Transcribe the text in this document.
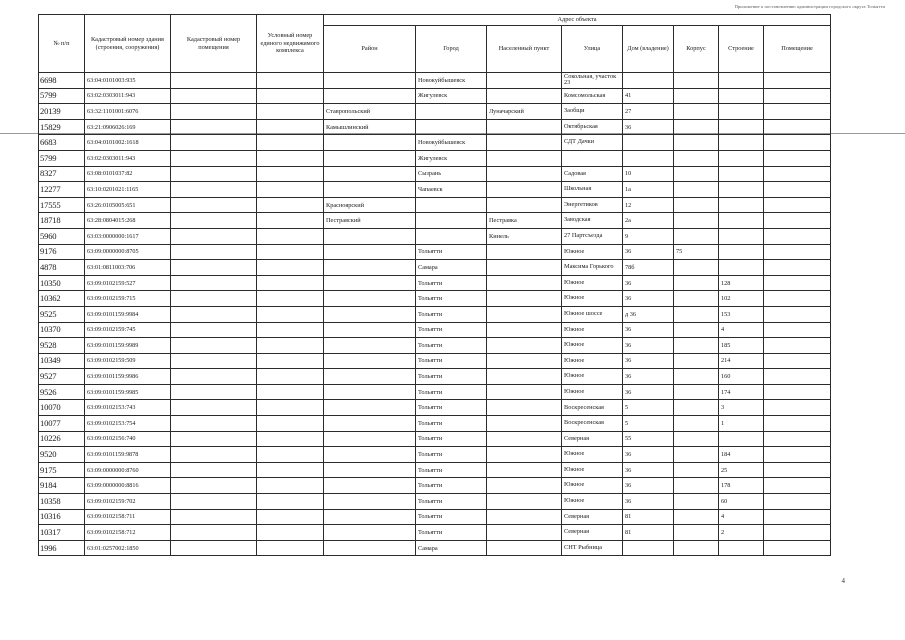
Приложение к постановлению администрации городского округа Тольятти
№ п/п	Кадастровый номер здания (строения, сооружения)	Кадастровый номер помещения	Условный номер единого недвижимого комплекса	Адрес объекта							
				Район	Город	Населенный пункт	Улица	Дом (владение)	Корпус	Строение	Помещение
6698	63:04:0101003:935				Новокуйбышевск		Сокольная, участок 23				
5799	63:02:0303011:943				Жигулевск		Комсомольская	41			
20139	63:32:1101001:6076			Ставропольский		Луначарский	Заобщи	27			
15829	63:21:0906026:169			Камышлинский			Октябрьская	36			
6683	63:04:0101002:1618				Новокуйбышевск		СДТ Дачки				
5799	63:02:0303011:943				Жигулевск						
8327	63:08:0101037:82				Сызрань		Садовая	10			
12277	63:10:0201021:1165				Чапаевск		Школьная	1а			
17555	63:26:0105005:651			Красноярский			Энергетиков	12			
18718	63:28:0804015:268			Пестравский		Пестравка	Заводская	2а			
5960	63:03:0000000:1617					Кинель	27 Партсъезда	9			
9176	63:09:0000000:8705				Тольятти		Южное	36	75		
4878	63:01:0811003:706				Самара		Максима Горького	78б			
10350	63:09:0102159:527				Тольятти		Южное	36		128	
10362	63:09:0102159:715				Тольятти		Южное	36		102	
9525	63:09:0101159:9984				Тольятти		Южное шоссе	д 36		153	
10370	63:09:0102159:745				Тольятти		Южное	36		4	
9528	63:09:0101159:9989				Тольятти		Южное	36		185	
10349	63:09:0102159:509				Тольятти		Южное	36		214	
9527	63:09:0101159:9986				Тольятти		Южное	36		160	
9526	63:09:0101159:9985				Тольятти		Южное	36		174	
10070	63:09:0102153:743				Тольятти		Воскресенская	5		3	
10077	63:09:0102153:754				Тольятти		Воскресенская	5		1	
10226	63:09:0102156:740				Тольятти		Северная	55			
9520	63:09:0101159:9878				Тольятти		Южное	36		184	
9175	63:09:0000000:8760				Тольятти		Южное	36		25	
9184	63:09:0000000:8816				Тольятти		Южное	36		178	
10358	63:09:0102159:702				Тольятти		Южное	36		60	
10316	63:09:0102158:711				Тольятти		Северная	81		4	
10317	63:09:0102158:712				Тольятти		Северная	81		2	
1996	63:01:0257002:1850				Самара		СНТ Рыбница				
4
